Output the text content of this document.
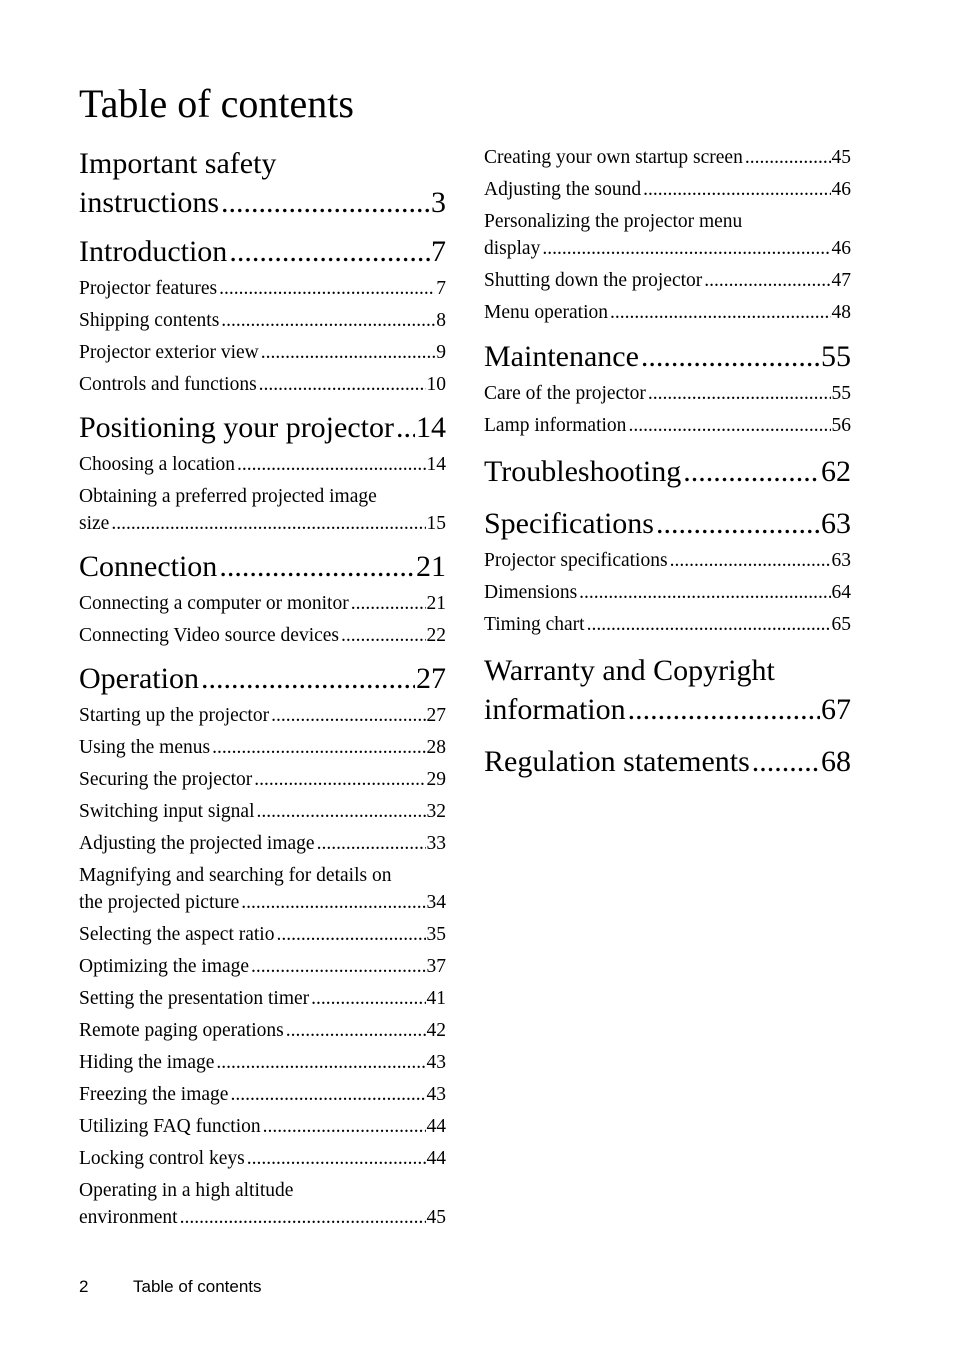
Table of contents
Important safety
instructions .....	3
Introduction .....	7
Projector features .....	7
Shipping contents .....	8
Projector exterior view .....	9
Controls and functions .....	10
Positioning your projector ..... 14
Choosing a location .....	14
Obtaining a preferred projected image
size .....	15
Connection .....	21
Connecting a computer or monitor .....	21
Connecting Video source devices .....	22
Operation .....	27
Starting up the projector .....	27
Using the menus .....	28
Securing the projector .....	29
Switching input signal .....	32
Adjusting the projected image .....	33
Magnifying and searching for details on
the projected picture .....	34
Selecting the aspect ratio .....	35
Optimizing the image .....	37
Setting the presentation timer .....	41
Remote paging operations .....	42
Hiding the image .....	43
Freezing the image .....	43
Utilizing FAQ function .....	44
Locking control keys .....	44
Operating in a high altitude
environment .....	45
Creating your own startup screen .....	45
Adjusting the sound .....	46
Personalizing the projector menu
display .....	46
Shutting down the projector .....	47
Menu operation .....	48
Maintenance .....	55
Care of the projector .....	55
Lamp information .....	56
Troubleshooting .....	62
Specifications .....	63
Projector specifications .....	63
Dimensions .....	64
Timing chart .....	65
Warranty and Copyright
information .....	67
Regulation statements ..... 68
2	Table of contents
